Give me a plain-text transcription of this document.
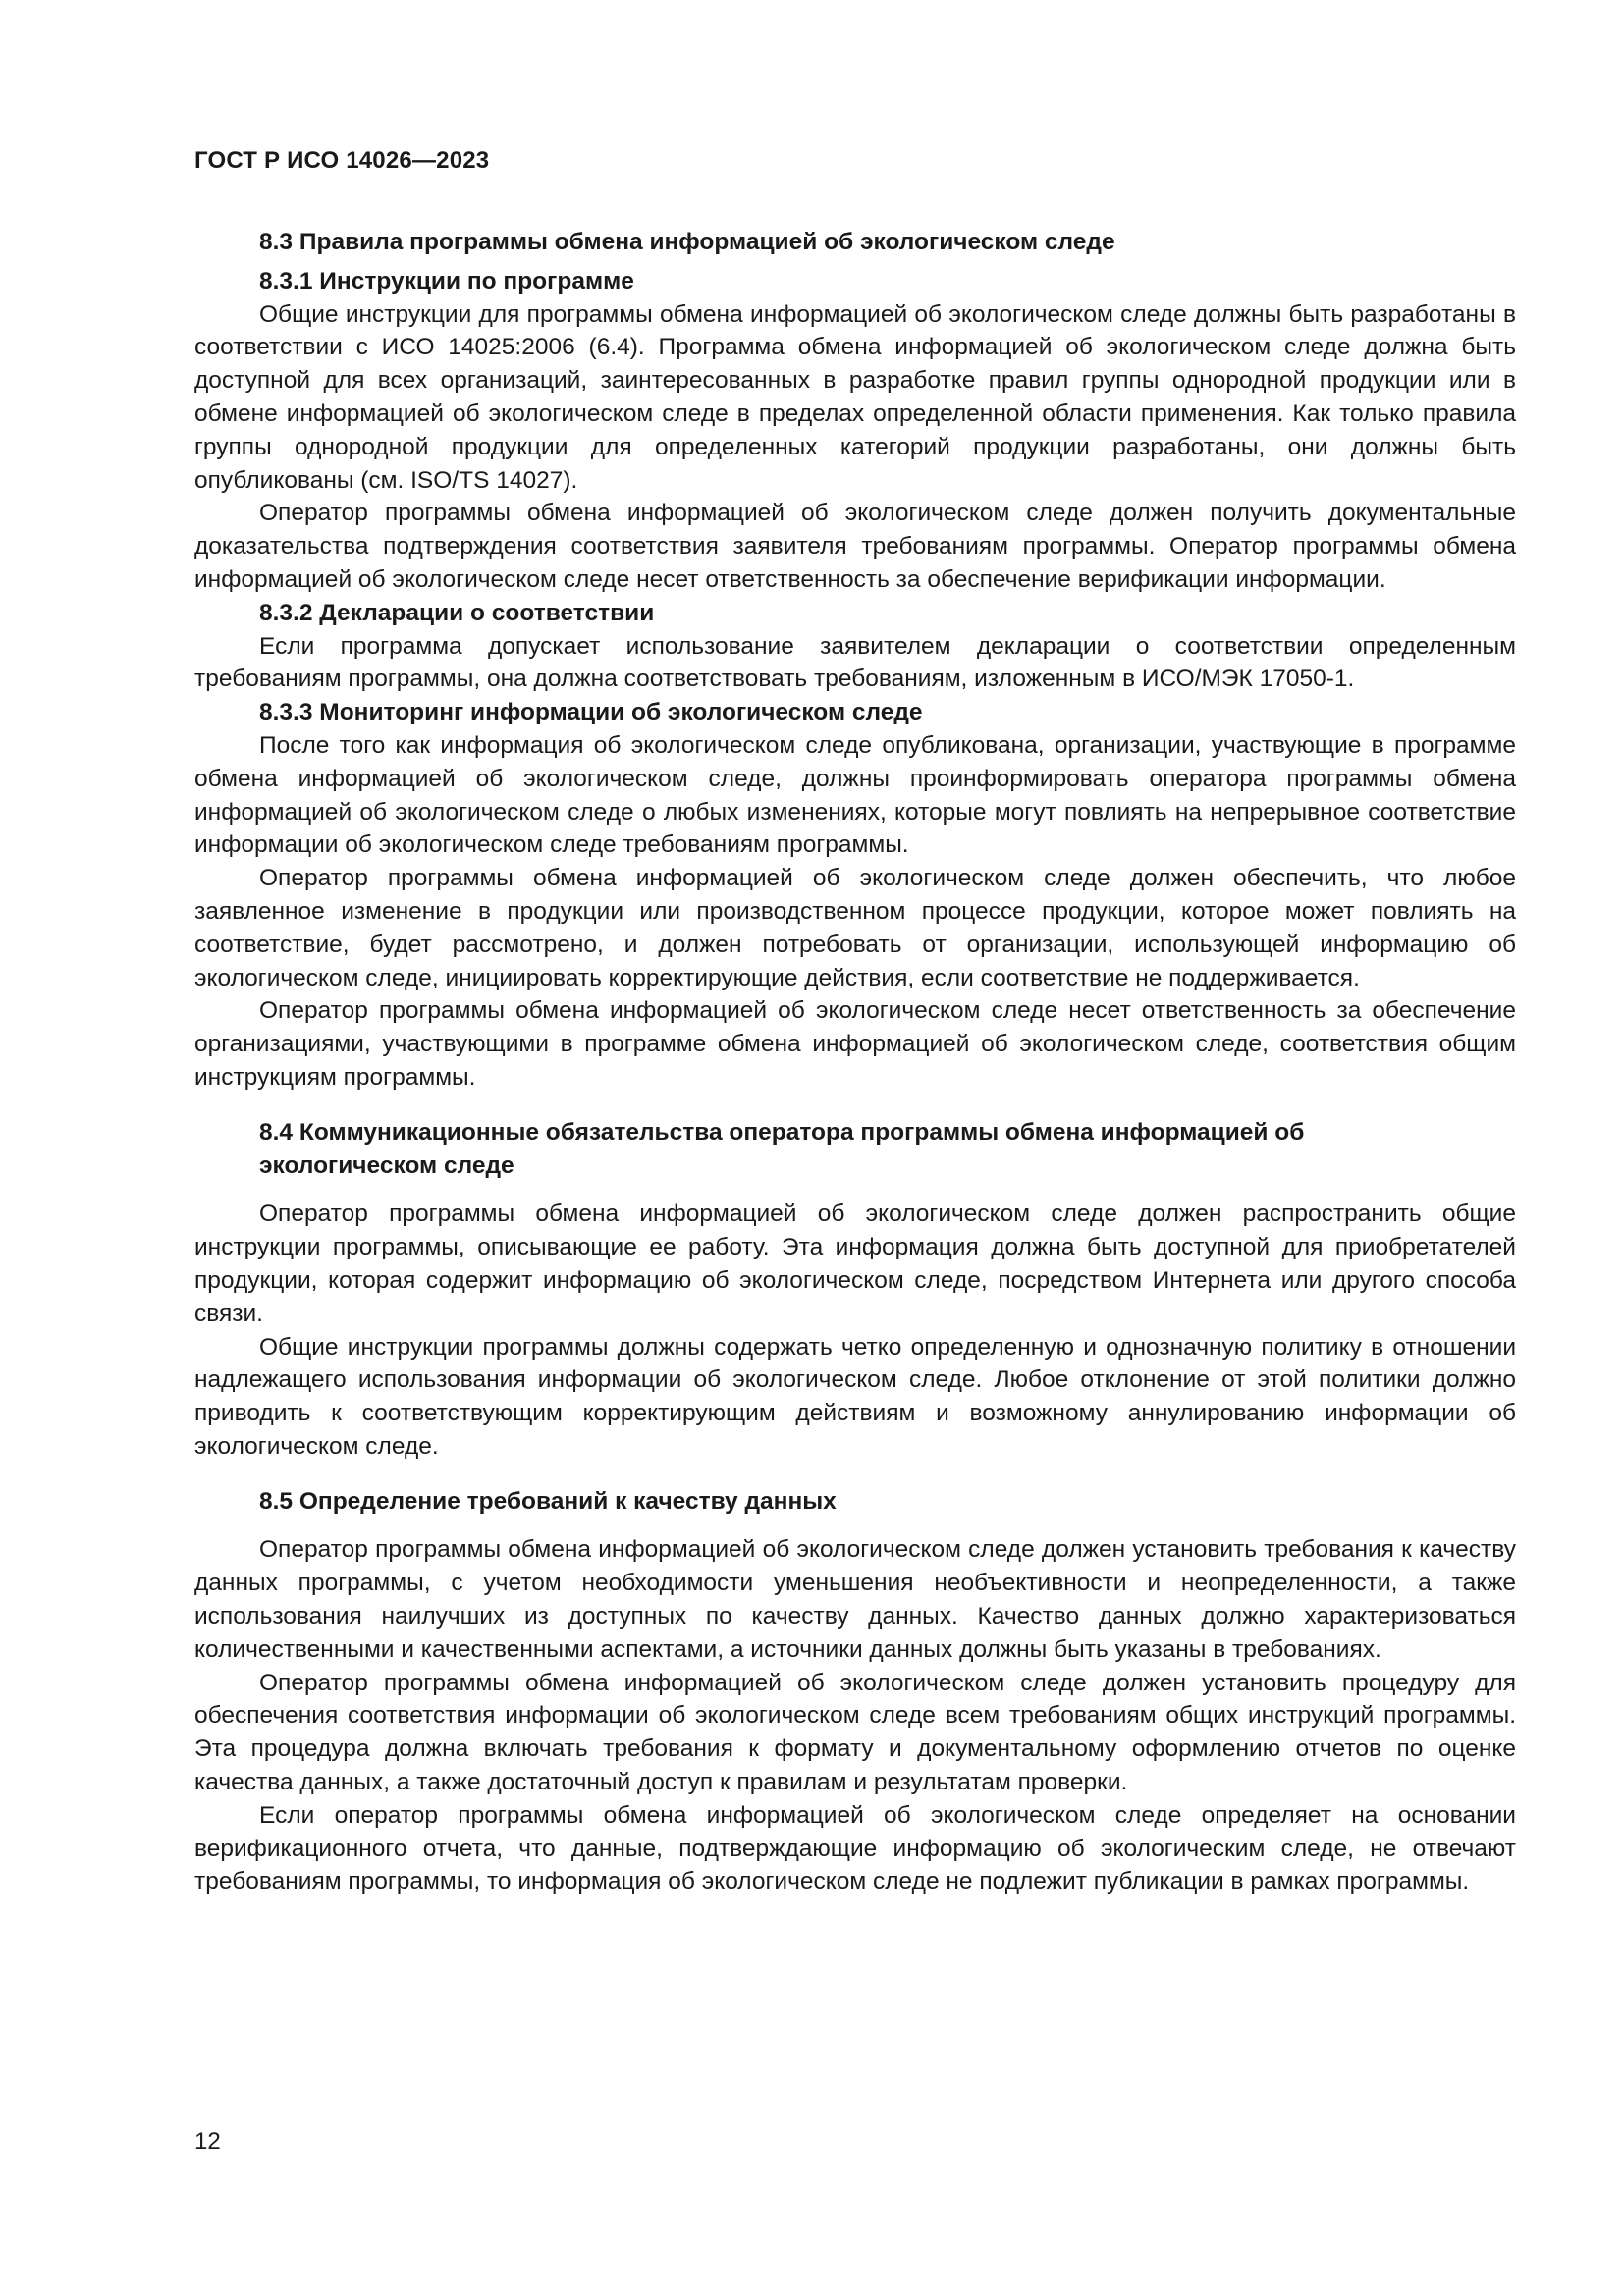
ГОСТ Р ИСО 14026—2023

8.3 Правила программы обмена информацией об экологическом следе

8.3.1 Инструкции по программе

Общие инструкции для программы обмена информацией об экологическом следе должны быть разработаны в соответствии с ИСО 14025:2006 (6.4). Программа обмена информацией об экологическом следе должна быть доступной для всех организаций, заинтересованных в разработке правил группы однородной продукции или в обмене информацией об экологическом следе в пределах определенной области применения. Как только правила группы однородной продукции для определенных категорий продукции разработаны, они должны быть опубликованы (см. ISO/TS 14027).

Оператор программы обмена информацией об экологическом следе должен получить документальные доказательства подтверждения соответствия заявителя требованиям программы. Оператор программы обмена информацией об экологическом следе несет ответственность за обеспечение верификации информации.

8.3.2 Декларации о соответствии

Если программа допускает использование заявителем декларации о соответствии определенным требованиям программы, она должна соответствовать требованиям, изложенным в ИСО/МЭК 17050-1.

8.3.3 Мониторинг информации об экологическом следе

После того как информация об экологическом следе опубликована, организации, участвующие в программе обмена информацией об экологическом следе, должны проинформировать оператора программы обмена информацией об экологическом следе о любых изменениях, которые могут повлиять на непрерывное соответствие информации об экологическом следе требованиям программы.

Оператор программы обмена информацией об экологическом следе должен обеспечить, что любое заявленное изменение в продукции или производственном процессе продукции, которое может повлиять на соответствие, будет рассмотрено, и должен потребовать от организации, использующей информацию об экологическом следе, инициировать корректирующие действия, если соответствие не поддерживается.

Оператор программы обмена информацией об экологическом следе несет ответственность за обеспечение организациями, участвующими в программе обмена информацией об экологическом следе, соответствия общим инструкциям программы.

8.4 Коммуникационные обязательства оператора программы обмена информацией об
экологическом следе

Оператор программы обмена информацией об экологическом следе должен распространить общие инструкции программы, описывающие ее работу. Эта информация должна быть доступной для приобретателей продукции, которая содержит информацию об экологическом следе, посредством Интернета или другого способа связи.

Общие инструкции программы должны содержать четко определенную и однозначную политику в отношении надлежащего использования информации об экологическом следе. Любое отклонение от этой политики должно приводить к соответствующим корректирующим действиям и возможному аннулированию информации об экологическом следе.

8.5 Определение требований к качеству данных

Оператор программы обмена информацией об экологическом следе должен установить требования к качеству данных программы, с учетом необходимости уменьшения необъективности и неопределенности, а также использования наилучших из доступных по качеству данных. Качество данных должно характеризоваться количественными и качественными аспектами, а источники данных должны быть указаны в требованиях.

Оператор программы обмена информацией об экологическом следе должен установить процедуру для обеспечения соответствия информации об экологическом следе всем требованиям общих инструкций программы. Эта процедура должна включать требования к формату и документальному оформлению отчетов по оценке качества данных, а также достаточный доступ к правилам и результатам проверки.

Если оператор программы обмена информацией об экологическом следе определяет на основании верификационного отчета, что данные, подтверждающие информацию об экологическим следе, не отвечают требованиям программы, то информация об экологическом следе не подлежит публикации в рамках программы.

12
